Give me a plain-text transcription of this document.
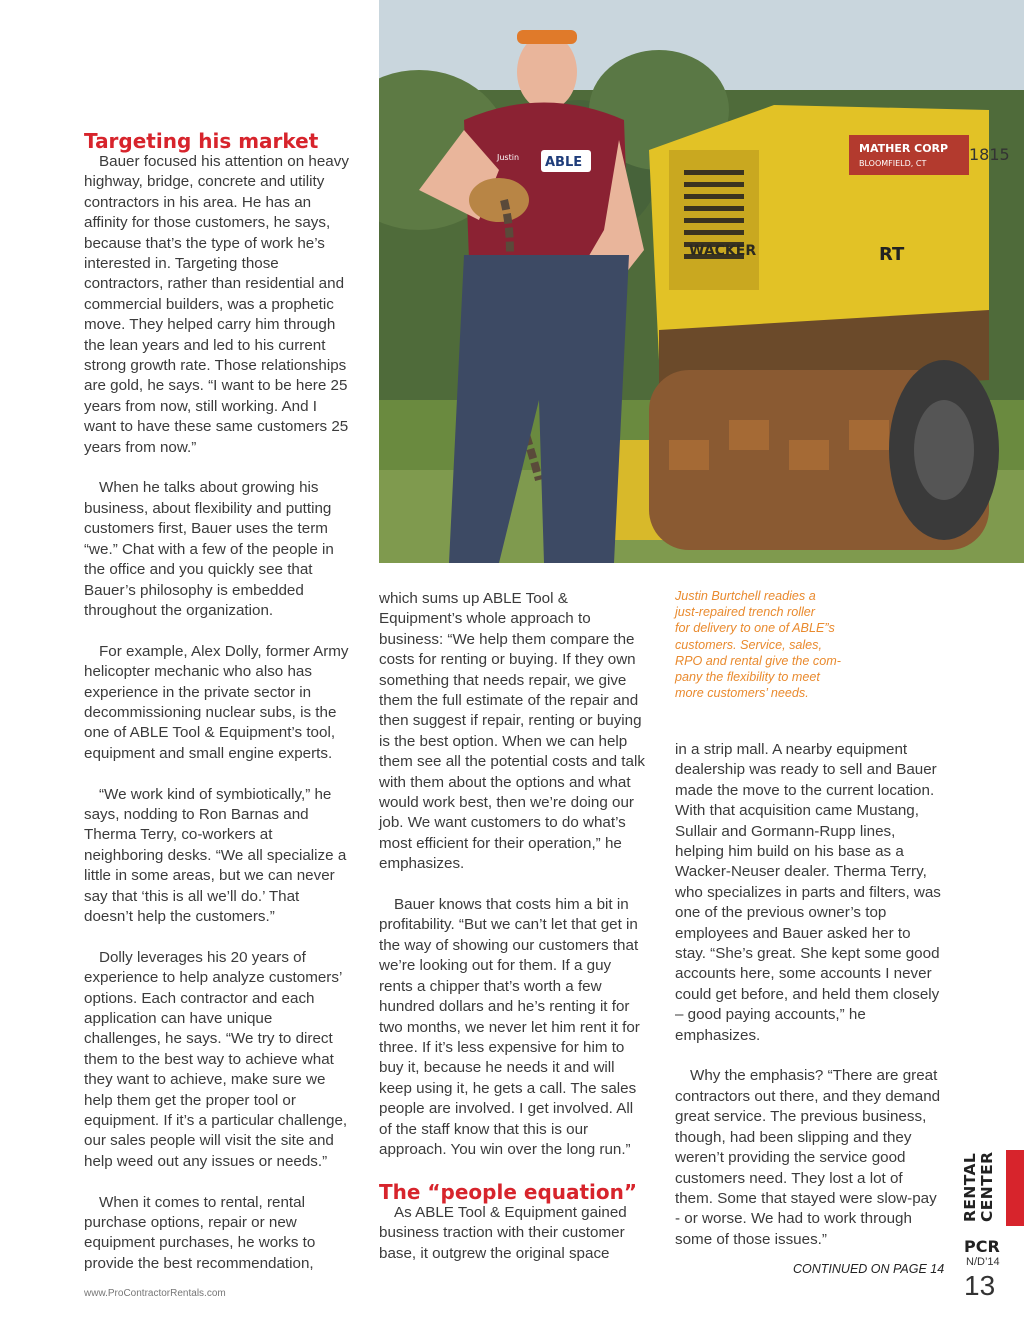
Targeting his market

Bauer focused his attention on heavy highway, bridge, concrete and utility contractors in his area. He has an affinity for those customers, he says, because that’s the type of work he’s interested in. Targeting those contractors, rather than residential and commercial builders, was a prophetic move. They helped carry him through the lean years and led to his current strong growth rate. Those relationships are gold, he says. “I want to be here 25 years from now, still working. And I want to have these same customers 25 years from now.”

When he talks about growing his business, about flexibility and putting customers first, Bauer uses the term “we.” Chat with a few of the people in the office and you quickly see that Bauer’s philosophy is embedded throughout the organization.

For example, Alex Dolly, former Army helicopter mechanic who also has experience in the private sector in decommissioning nuclear subs, is the one of ABLE Tool & Equipment’s tool, equipment and small engine experts.

“We work kind of symbiotically,” he says, nodding to Ron Barnas and Therma Terry, co-workers at neighboring desks. “We all specialize a little in some areas, but we can never say that ‘this is all we’ll do.’ That doesn’t help the customers.”

Dolly leverages his 20 years of experience to help analyze customers’ options. Each contractor and each application can have unique challenges, he says. “We try to direct them to the best way to achieve what they want to achieve, make sure we help them get the proper tool or equipment. If it’s a particular challenge, our sales people will visit the site and help weed out any issues or needs.”

When it comes to rental, rental purchase options, repair or new equipment purchases, he works to provide the best recommendation,

MATHER CORP
BLOOMFIELD, CT	1815
WACKER	RT
Justin ABLE
Justin Burtchell readies a
just-repaired trench roller
for delivery to one of ABLE”s
customers. Service, sales,
RPO and rental give the com-
pany the flexibility to meet
more customers’ needs.

which sums up ABLE Tool & Equipment’s whole approach to business: “We help them compare the costs for renting or buying. If they own something that needs repair, we give them the full estimate of the repair and then suggest if repair, renting or buying is the best option. When we can help them see all the potential costs and talk with them about the options and what would work best, then we’re doing our job. We want customers to do what’s most efficient for their operation,” he emphasizes.

Bauer knows that costs him a bit in profitability. “But we can’t let that get in the way of showing our customers that we’re looking out for them. If a guy rents a chipper that’s worth a few hundred dollars and he’s renting it for two months, we never let him rent it for three. If it’s less expensive for him to buy it, because he needs it and will keep using it, he gets a call. The sales people are involved. I get involved. All of the staff know that this is our approach. You win over the long run.”

The “people equation”

As ABLE Tool & Equipment gained business traction with their customer base, it outgrew the original space

in a strip mall. A nearby equipment dealership was ready to sell and Bauer made the move to the current location. With that acquisition came Mustang, Sullair and Gormann-Rupp lines, helping him build on his base as a Wacker-Neuser dealer. Therma Terry, who specializes in parts and filters, was one of the previous owner’s top employees and Bauer asked her to stay. “She’s great. She kept some good accounts here, some accounts I never could get before, and held them closely – good paying accounts,” he emphasizes.

Why the emphasis? “There are great contractors out there, and they demand great service. The previous business, though, had been slipping and they weren’t providing the service good customers need. They lost a lot of them. Some that stayed were slow-pay - or worse. We had to work through some of those issues.”

CONTINUED ON PAGE 14
www.ProContractorRentals.com
RENTAL CENTER
PCR
N/D’14
13
